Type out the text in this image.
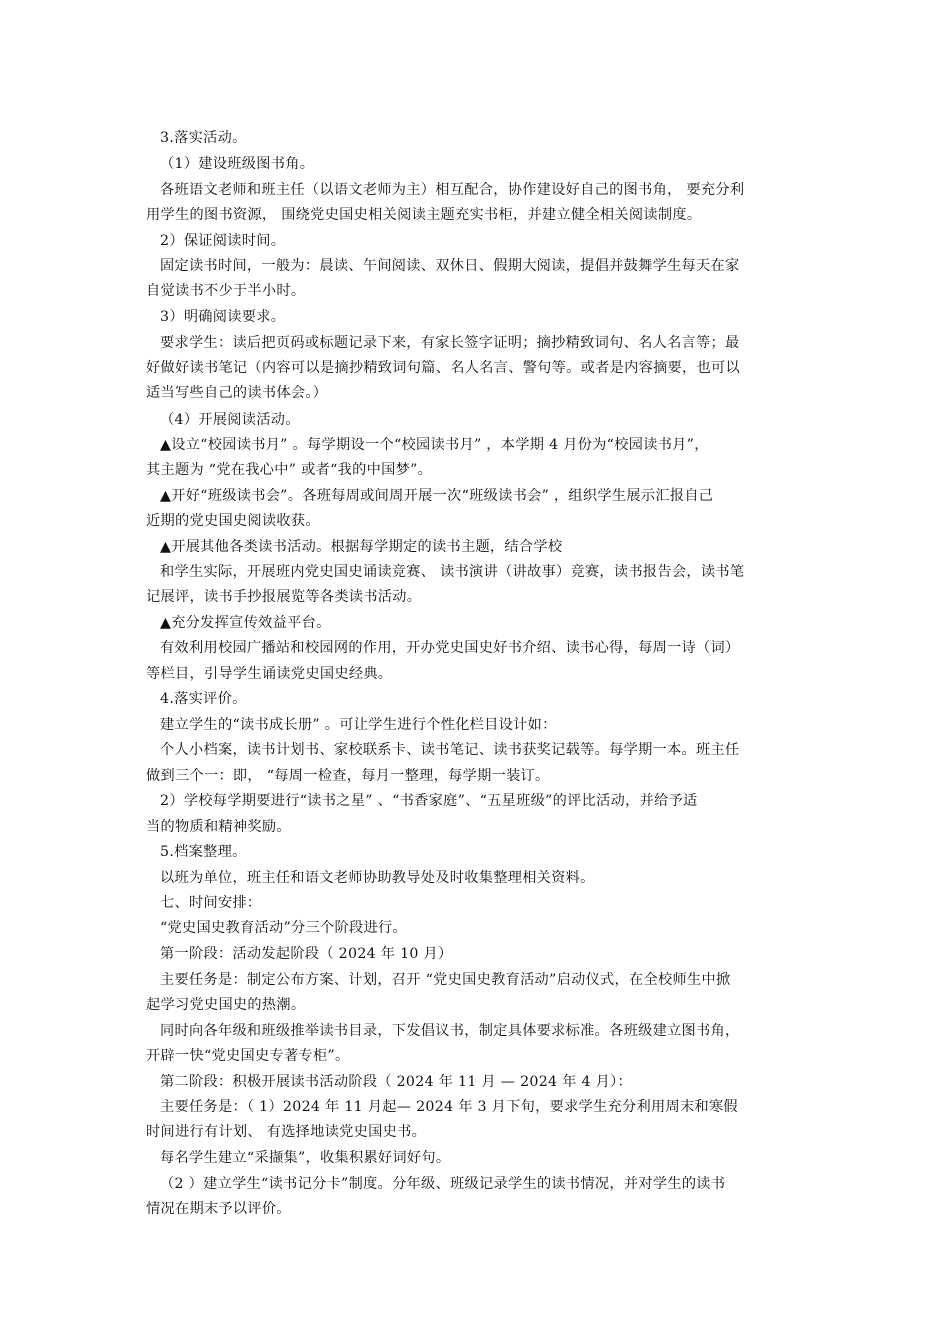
3.落实活动。

（1）建设班级图书角。

各班语文老师和班主任（以语文老师为主）相互配合，协作建设好自己的图书角， 要充分利

用学生的图书资源， 围绕党史国史相关阅读主题充实书柜，并建立健全相关阅读制度。

2）保证阅读时间。

固定读书时间，一般为：晨读、午间阅读、双休日、假期大阅读，提倡并鼓舞学生每天在家

自觉读书不少于半小时。

3）明确阅读要求。

要求学生：读后把页码或标题记录下来，有家长签字证明；摘抄精致词句、名人名言等；最

好做好读书笔记（内容可以是摘抄精致词句篇、名人名言、警句等。或者是内容摘要，也可以

适当写些自己的读书体会。）

（4）开展阅读活动。

▲设立“校园读书月” 。每学期设一个“校园读书月” ，本学期 4 月份为“校园读书月”，

其主题为 “党在我心中” 或者“我的中国梦”。

▲开好“班级读书会”。各班每周或间周开展一次“班级读书会” ，组织学生展示汇报自己

近期的党史国史阅读收获。

▲开展其他各类读书活动。根据每学期定的读书主题，结合学校

和学生实际，开展班内党史国史诵读竞赛、 读书演讲（讲故事）竞赛，读书报告会，读书笔

记展评，读书手抄报展览等各类读书活动。

▲充分发挥宣传效益平台。

有效利用校园广播站和校园网的作用，开办党史国史好书介绍、读书心得，每周一诗（词）

等栏目，引导学生诵读党史国史经典。

4.落实评价。

建立学生的“读书成长册” 。可让学生进行个性化栏目设计如：

个人小档案，读书计划书、家校联系卡、读书笔记、读书获奖记载等。每学期一本。班主任

做到三个一：即， “每周一检查，每月一整理，每学期一装订。

2）学校每学期要进行“读书之星” 、“书香家庭”、“五星班级”的评比活动，并给予适

当的物质和精神奖励。

5.档案整理。

以班为单位，班主任和语文老师协助教导处及时收集整理相关资料。

七、时间安排：

“党史国史教育活动”分三个阶段进行。

第一阶段：活动发起阶段（ 2024 年 10 月）

主要任务是：制定公布方案、计划，召开 “党史国史教育活动”启动仪式，在全校师生中掀

起学习党史国史的热潮。

同时向各年级和班级推举读书目录，下发倡议书，制定具体要求标准。各班级建立图书角，

开辟一快“党史国史专著专柜”。

第二阶段：积极开展读书活动阶段（ 2024 年 11 月 — 2024 年 4 月）：

主要任务是：（ 1）2024 年 11 月起— 2024 年 3 月下旬，要求学生充分利用周末和寒假

时间进行有计划、 有选择地读党史国史书。

每名学生建立“采撷集”，收集积累好词好句。

（2 ）建立学生“读书记分卡”制度。分年级、班级记录学生的读书情况，并对学生的读书

情况在期末予以评价。
